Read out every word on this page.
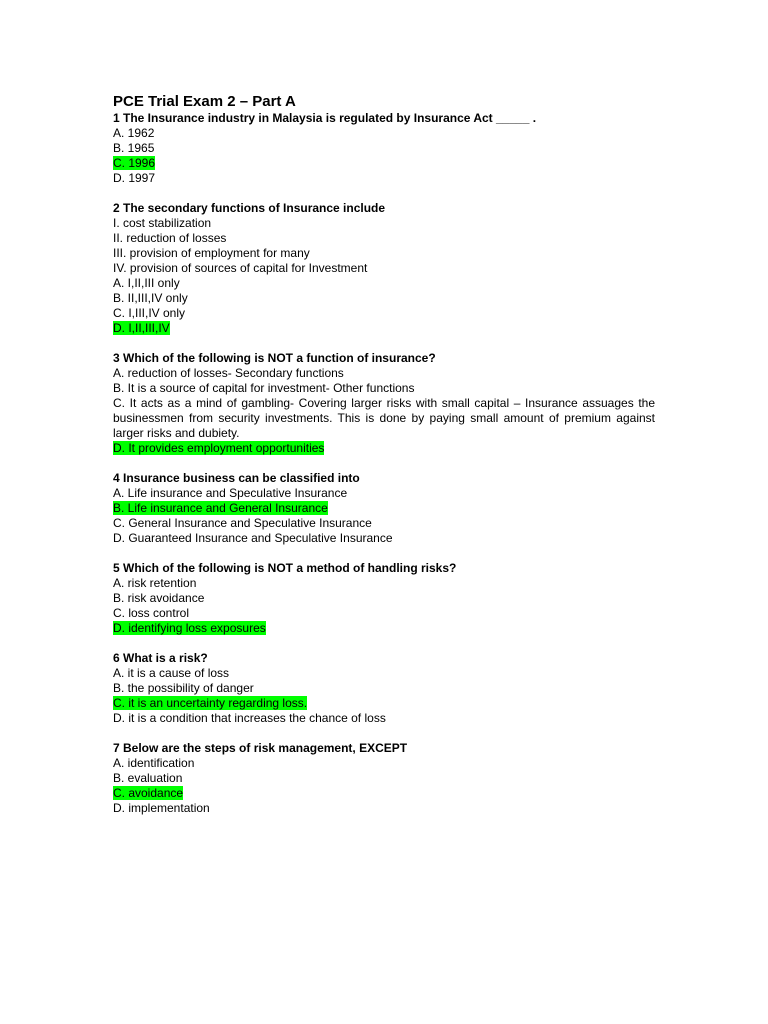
PCE Trial Exam 2 – Part A
1 The Insurance industry in Malaysia is regulated by Insurance Act _____ .
A. 1962
B. 1965
C. 1996
D. 1997
2 The secondary functions of Insurance include
I. cost stabilization
II. reduction of losses
III. provision of employment for many
IV. provision of sources of capital for Investment
A. I,II,III only
B. II,III,IV only
C. I,III,IV only
D. I,II,III,IV
3 Which of the following is NOT a function of insurance?
A. reduction of losses- Secondary functions
B. It is a source of capital for investment- Other functions
C. It acts as a mind of gambling- Covering larger risks with small capital – Insurance assuages the businessmen from security investments. This is done by paying small amount of premium against larger risks and dubiety.
D. It provides employment opportunities
4 Insurance business can be classified into
A. Life insurance and Speculative Insurance
B. Life insurance and General Insurance
C. General Insurance and Speculative Insurance
D. Guaranteed Insurance and Speculative Insurance
5 Which of the following is NOT a method of handling risks?
A. risk retention
B. risk avoidance
C. loss control
D. identifying loss exposures
6 What is a risk?
A. it is a cause of loss
B. the possibility of danger
C. it is an uncertainty regarding loss.
D. it is a condition that increases the chance of loss
7 Below are the steps of risk management, EXCEPT
A. identification
B. evaluation
C. avoidance
D. implementation
